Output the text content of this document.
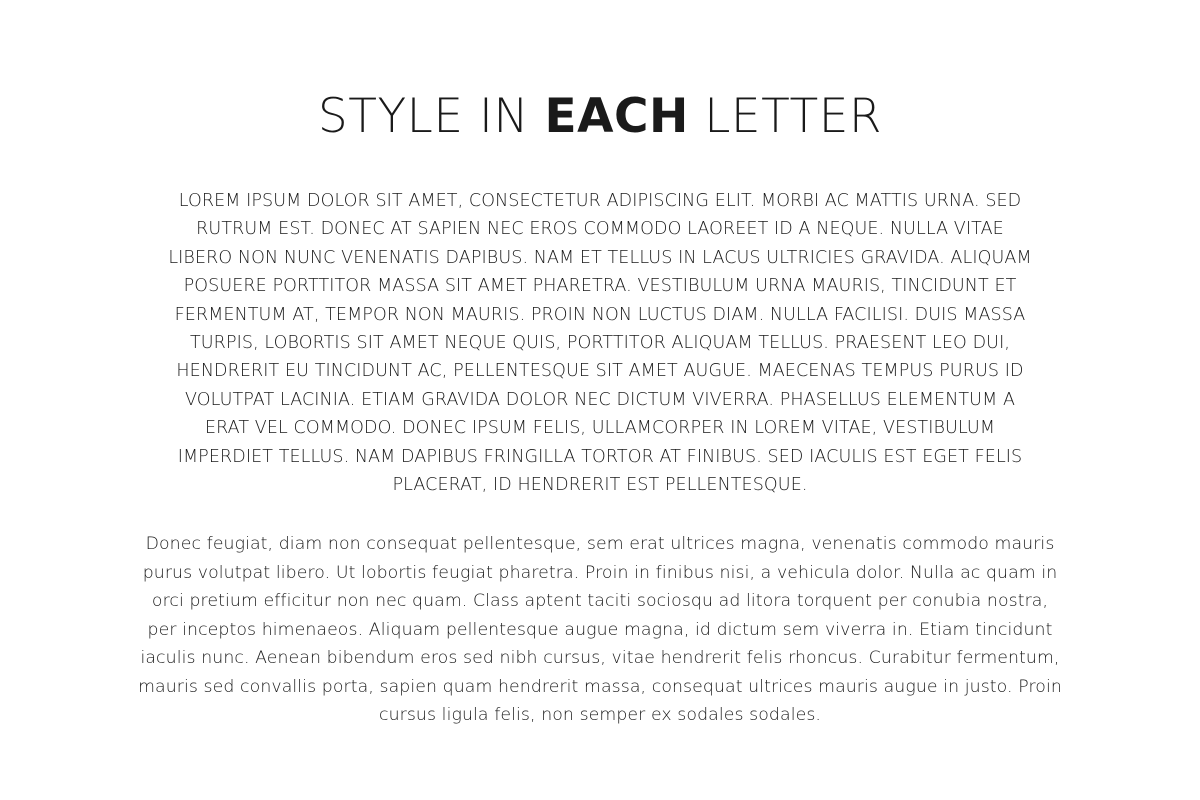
STYLE IN EACH LETTER

LOREM IPSUM DOLOR SIT AMET, CONSECTETUR ADIPISCING ELIT. MORBI AC MATTIS URNA. SED
RUTRUM EST. DONEC AT SAPIEN NEC EROS COMMODO LAOREET ID A NEQUE. NULLA VITAE
LIBERO NON NUNC VENENATIS DAPIBUS. NAM ET TELLUS IN LACUS ULTRICIES GRAVIDA. ALIQUAM
POSUERE PORTTITOR MASSA SIT AMET PHARETRA. VESTIBULUM URNA MAURIS, TINCIDUNT ET
FERMENTUM AT, TEMPOR NON MAURIS. PROIN NON LUCTUS DIAM. NULLA FACILISI. DUIS MASSA
TURPIS, LOBORTIS SIT AMET NEQUE QUIS, PORTTITOR ALIQUAM TELLUS. PRAESENT LEO DUI,
HENDRERIT EU TINCIDUNT AC, PELLENTESQUE SIT AMET AUGUE. MAECENAS TEMPUS PURUS ID
VOLUTPAT LACINIA. ETIAM GRAVIDA DOLOR NEC DICTUM VIVERRA. PHASELLUS ELEMENTUM A
ERAT VEL COMMODO. DONEC IPSUM FELIS, ULLAMCORPER IN LOREM VITAE, VESTIBULUM
IMPERDIET TELLUS. NAM DAPIBUS FRINGILLA TORTOR AT FINIBUS. SED IACULIS EST EGET FELIS
PLACERAT, ID HENDRERIT EST PELLENTESQUE.

Donec feugiat, diam non consequat pellentesque, sem erat ultrices magna, venenatis commodo mauris
purus volutpat libero. Ut lobortis feugiat pharetra. Proin in finibus nisi, a vehicula dolor. Nulla ac quam in
orci pretium efficitur non nec quam. Class aptent taciti sociosqu ad litora torquent per conubia nostra,
per inceptos himenaeos. Aliquam pellentesque augue magna, id dictum sem viverra in. Etiam tincidunt
iaculis nunc. Aenean bibendum eros sed nibh cursus, vitae hendrerit felis rhoncus. Curabitur fermentum,
mauris sed convallis porta, sapien quam hendrerit massa, consequat ultrices mauris augue in justo. Proin
cursus ligula felis, non semper ex sodales sodales.
